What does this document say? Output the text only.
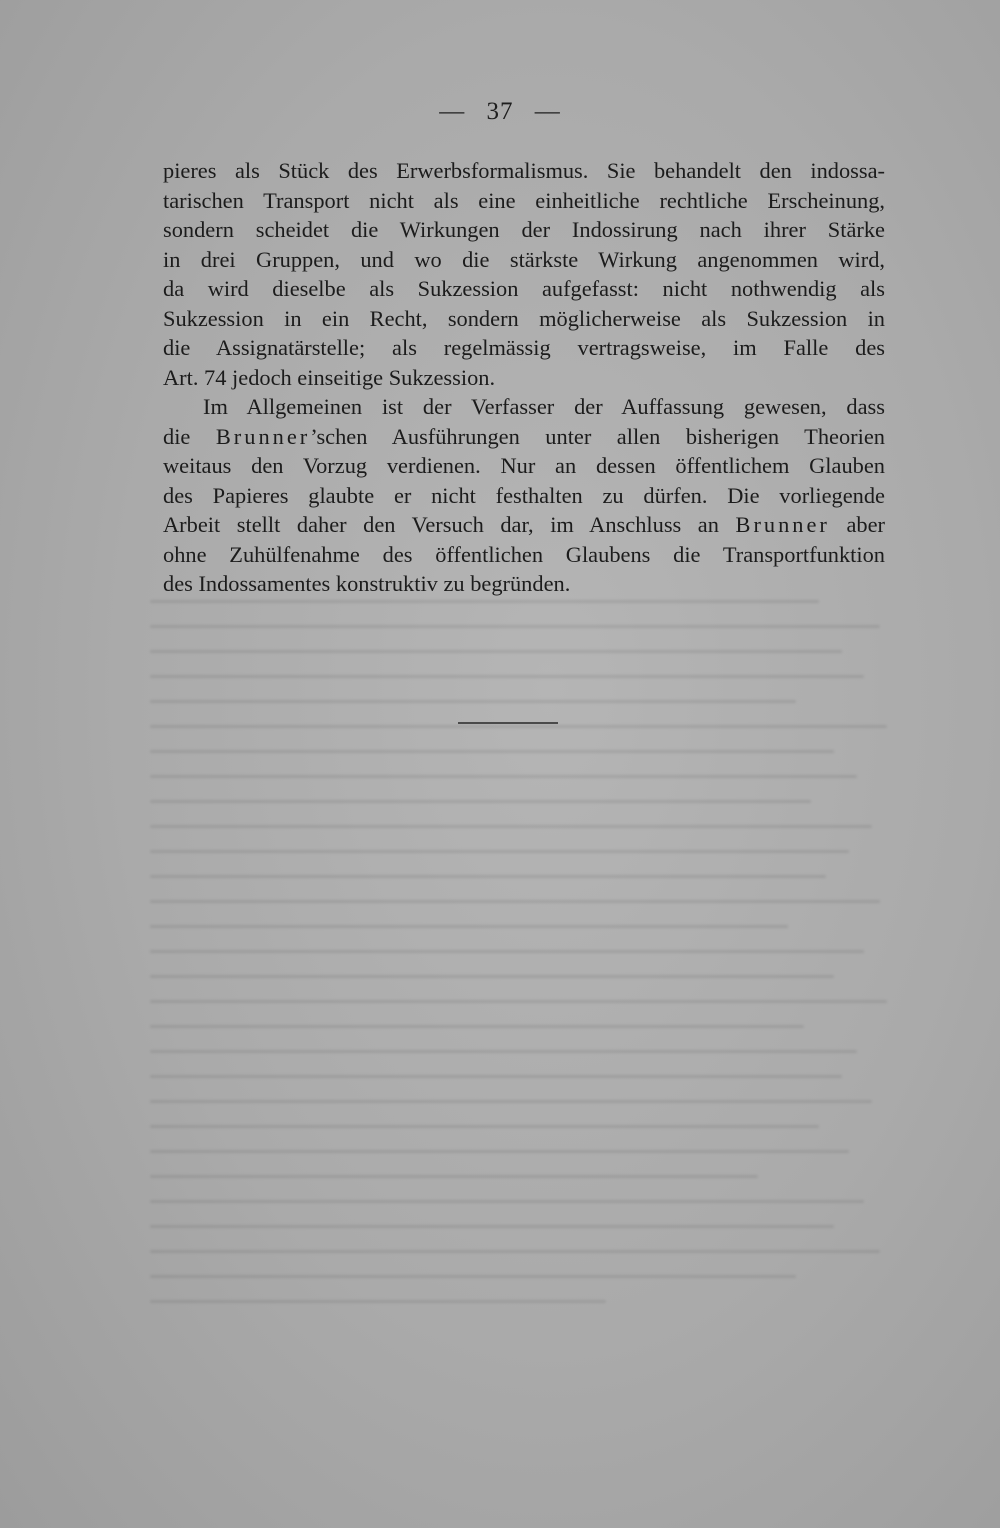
— 37 —
pieres als Stück des Erwerbsformalismus. Sie behandelt den indossa-
tarischen Transport nicht als eine einheitliche rechtliche Erscheinung,
sondern scheidet die Wirkungen der Indossirung nach ihrer Stärke
in drei Gruppen, und wo die stärkste Wirkung angenommen wird,
da wird dieselbe als Sukzession aufgefasst: nicht nothwendig als
Sukzession in ein Recht, sondern möglicherweise als Sukzession in
die Assignatärstelle; als regelmässig vertragsweise, im Falle des
Art. 74 jedoch einseitige Sukzession.
Im Allgemeinen ist der Verfasser der Auffassung gewesen, dass
die Brunner’schen Ausführungen unter allen bisherigen Theorien
weitaus den Vorzug verdienen. Nur an dessen öffentlichem Glauben
des Papieres glaubte er nicht festhalten zu dürfen. Die vorliegende
Arbeit stellt daher den Versuch dar, im Anschluss an Brunner aber
ohne Zuhülfenahme des öffentlichen Glaubens die Transportfunktion
des Indossamentes konstruktiv zu begründen.
